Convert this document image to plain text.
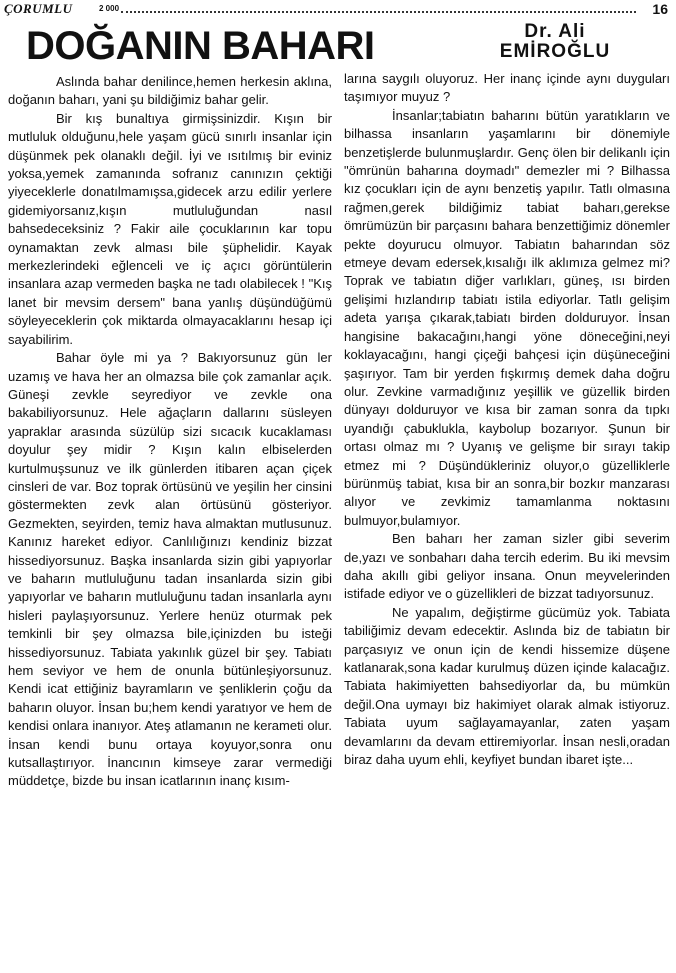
ÇORUMLU	2 000	16
DOĞANIN BAHARI	Dr. Ali
EMİROĞLU

Aslında bahar denilince,hemen herkesin aklına, doğanın baharı, yani şu bildiğimiz bahar gelir.

Bir kış bunaltıya girmişsinizdir. Kışın bir mutluluk olduğunu,hele yaşam gücü sınırlı insanlar için düşünmek pek olanaklı değil. İyi ve ısıtılmış bir eviniz yoksa,yemek zamanında sofranız canınızın çektiği yiyeceklerle donatılmamışsa,gidecek arzu edilir yerlere gidemiyorsanız,kışın mutluluğundan nasıl bahsedeceksiniz ? Fakir aile çocuklarının kar topu oynamaktan zevk alması bile şüphelidir. Kayak merkezlerindeki eğlenceli ve iç açıcı görüntülerin insanlara azap vermeden başka ne tadı olabilecek ! "Kış lanet bir mevsim dersem" bana yanlış düşündüğümü söyleyeceklerin çok miktarda olmayacaklarını hesap içi sayabilirim.

Bahar öyle mi ya ? Bakıyorsunuz gün ler uzamış ve hava her an olmazsa bile çok zamanlar açık. Güneşi zevkle seyrediyor ve zevkle ona bakabiliyorsunuz. Hele ağaçların dallarını süsleyen yapraklar arasında süzülüp sizi sıcacık kucaklaması doyulur şey midir ? Kışın kalın elbiselerden kurtulmuşsunuz ve ilk günlerden itibaren açan çiçek cinsleri de var. Boz toprak örtüsünü ve yeşilin her cinsini göstermekten zevk alan örtüsünü gösteriyor. Gezmekten, seyirden, temiz hava almaktan mutlusunuz. Kanınız hareket ediyor. Canlılığınızı kendiniz bizzat hissediyorsunuz. Başka insanlarda sizin gibi yapıyorlar ve baharın mutluluğunu tadan insanlarda sizin gibi yapıyorlar ve baharın mutluluğunu tadan insanlarla aynı hisleri paylaşıyorsunuz. Yerlere henüz oturmak pek temkinli bir şey olmazsa bile,içinizden bu isteği hissediyorsunuz. Tabiata yakınlık güzel bir şey. Tabiatı hem seviyor ve hem de onunla bütünleşiyorsunuz. Kendi icat ettiğiniz bayramların ve şenliklerin çoğu da baharın oluyor. İnsan bu;hem kendi yaratıyor ve hem de kendisi onlara inanıyor. Ateş atlamanın ne kerameti olur. İnsan kendi bunu ortaya koyuyor,sonra onu kutsallaştırıyor. İnancının kimseye zarar vermediği müddetçe, bizde bu insan icatlarının inanç kısım-

larına saygılı oluyoruz. Her inanç içinde aynı duyguları taşımıyor muyuz ?

İnsanlar;tabiatın baharını bütün yaratıkların ve bilhassa insanların yaşamlarını bir dönemiyle benzetişlerde bulunmuşlardır. Genç ölen bir delikanlı için "ömrünün baharına doymadı" demezler mi ? Bilhassa kız çocukları için de aynı benzetiş yapılır. Tatlı olmasına rağmen,gerek bildiğimiz tabiat baharı,gerekse ömrümüzün bir parçasını bahara benzettiğimiz dönemler pekte doyurucu olmuyor. Tabiatın baharından söz etmeye devam edersek,kısalığı ilk aklımıza gelmez mi? Toprak ve tabiatın diğer varlıkları, güneş, ısı birden gelişimi hızlandırıp tabiatı istila ediyorlar. Tatlı gelişim adeta yarışa çıkarak,tabiatı birden dolduruyor. İnsan hangisine bakacağını,hangi yöne döneceğini,neyi koklayacağını, hangi çiçeği bahçesi için düşüneceğini şaşırıyor. Tam bir yerden fışkırmış demek daha doğru olur. Zevkine varmadığınız yeşillik ve güzellik birden dünyayı dolduruyor ve kısa bir zaman sonra da tıpkı uyandığı çabuklukla, kaybolup bozarıyor. Şunun bir ortası olmaz mı ? Uyanış ve gelişme bir sırayı takip etmez mi ? Düşündükleriniz oluyor,o güzelliklerle bürünmüş tabiat, kısa bir an sonra,bir bozkır manzarası alıyor ve zevkimiz tamamlanma noktasını bulmuyor,bulamıyor.

Ben baharı her zaman sizler gibi severim de,yazı ve sonbaharı daha tercih ederim. Bu iki mevsim daha akıllı gibi geliyor insana. Onun meyvelerinden istifade ediyor ve o güzellikleri de bizzat tadıyorsunuz.

Ne yapalım, değiştirme gücümüz yok. Tabiata tabiliğimiz devam edecektir. Aslında biz de tabiatın bir parçasıyız ve onun için de kendi hissemize düşene katlanarak,sona kadar kurulmuş düzen içinde kalacağız. Tabiata hakimiyetten bahsediyorlar da, bu mümkün değil.Ona uymayı biz hakimiyet olarak almak istiyoruz. Tabiata uyum sağlayamayanlar, zaten yaşam devamlarını da devam ettiremiyorlar. İnsan nesli,oradan biraz daha uyum ehli, keyfiyet bundan ibaret işte...
